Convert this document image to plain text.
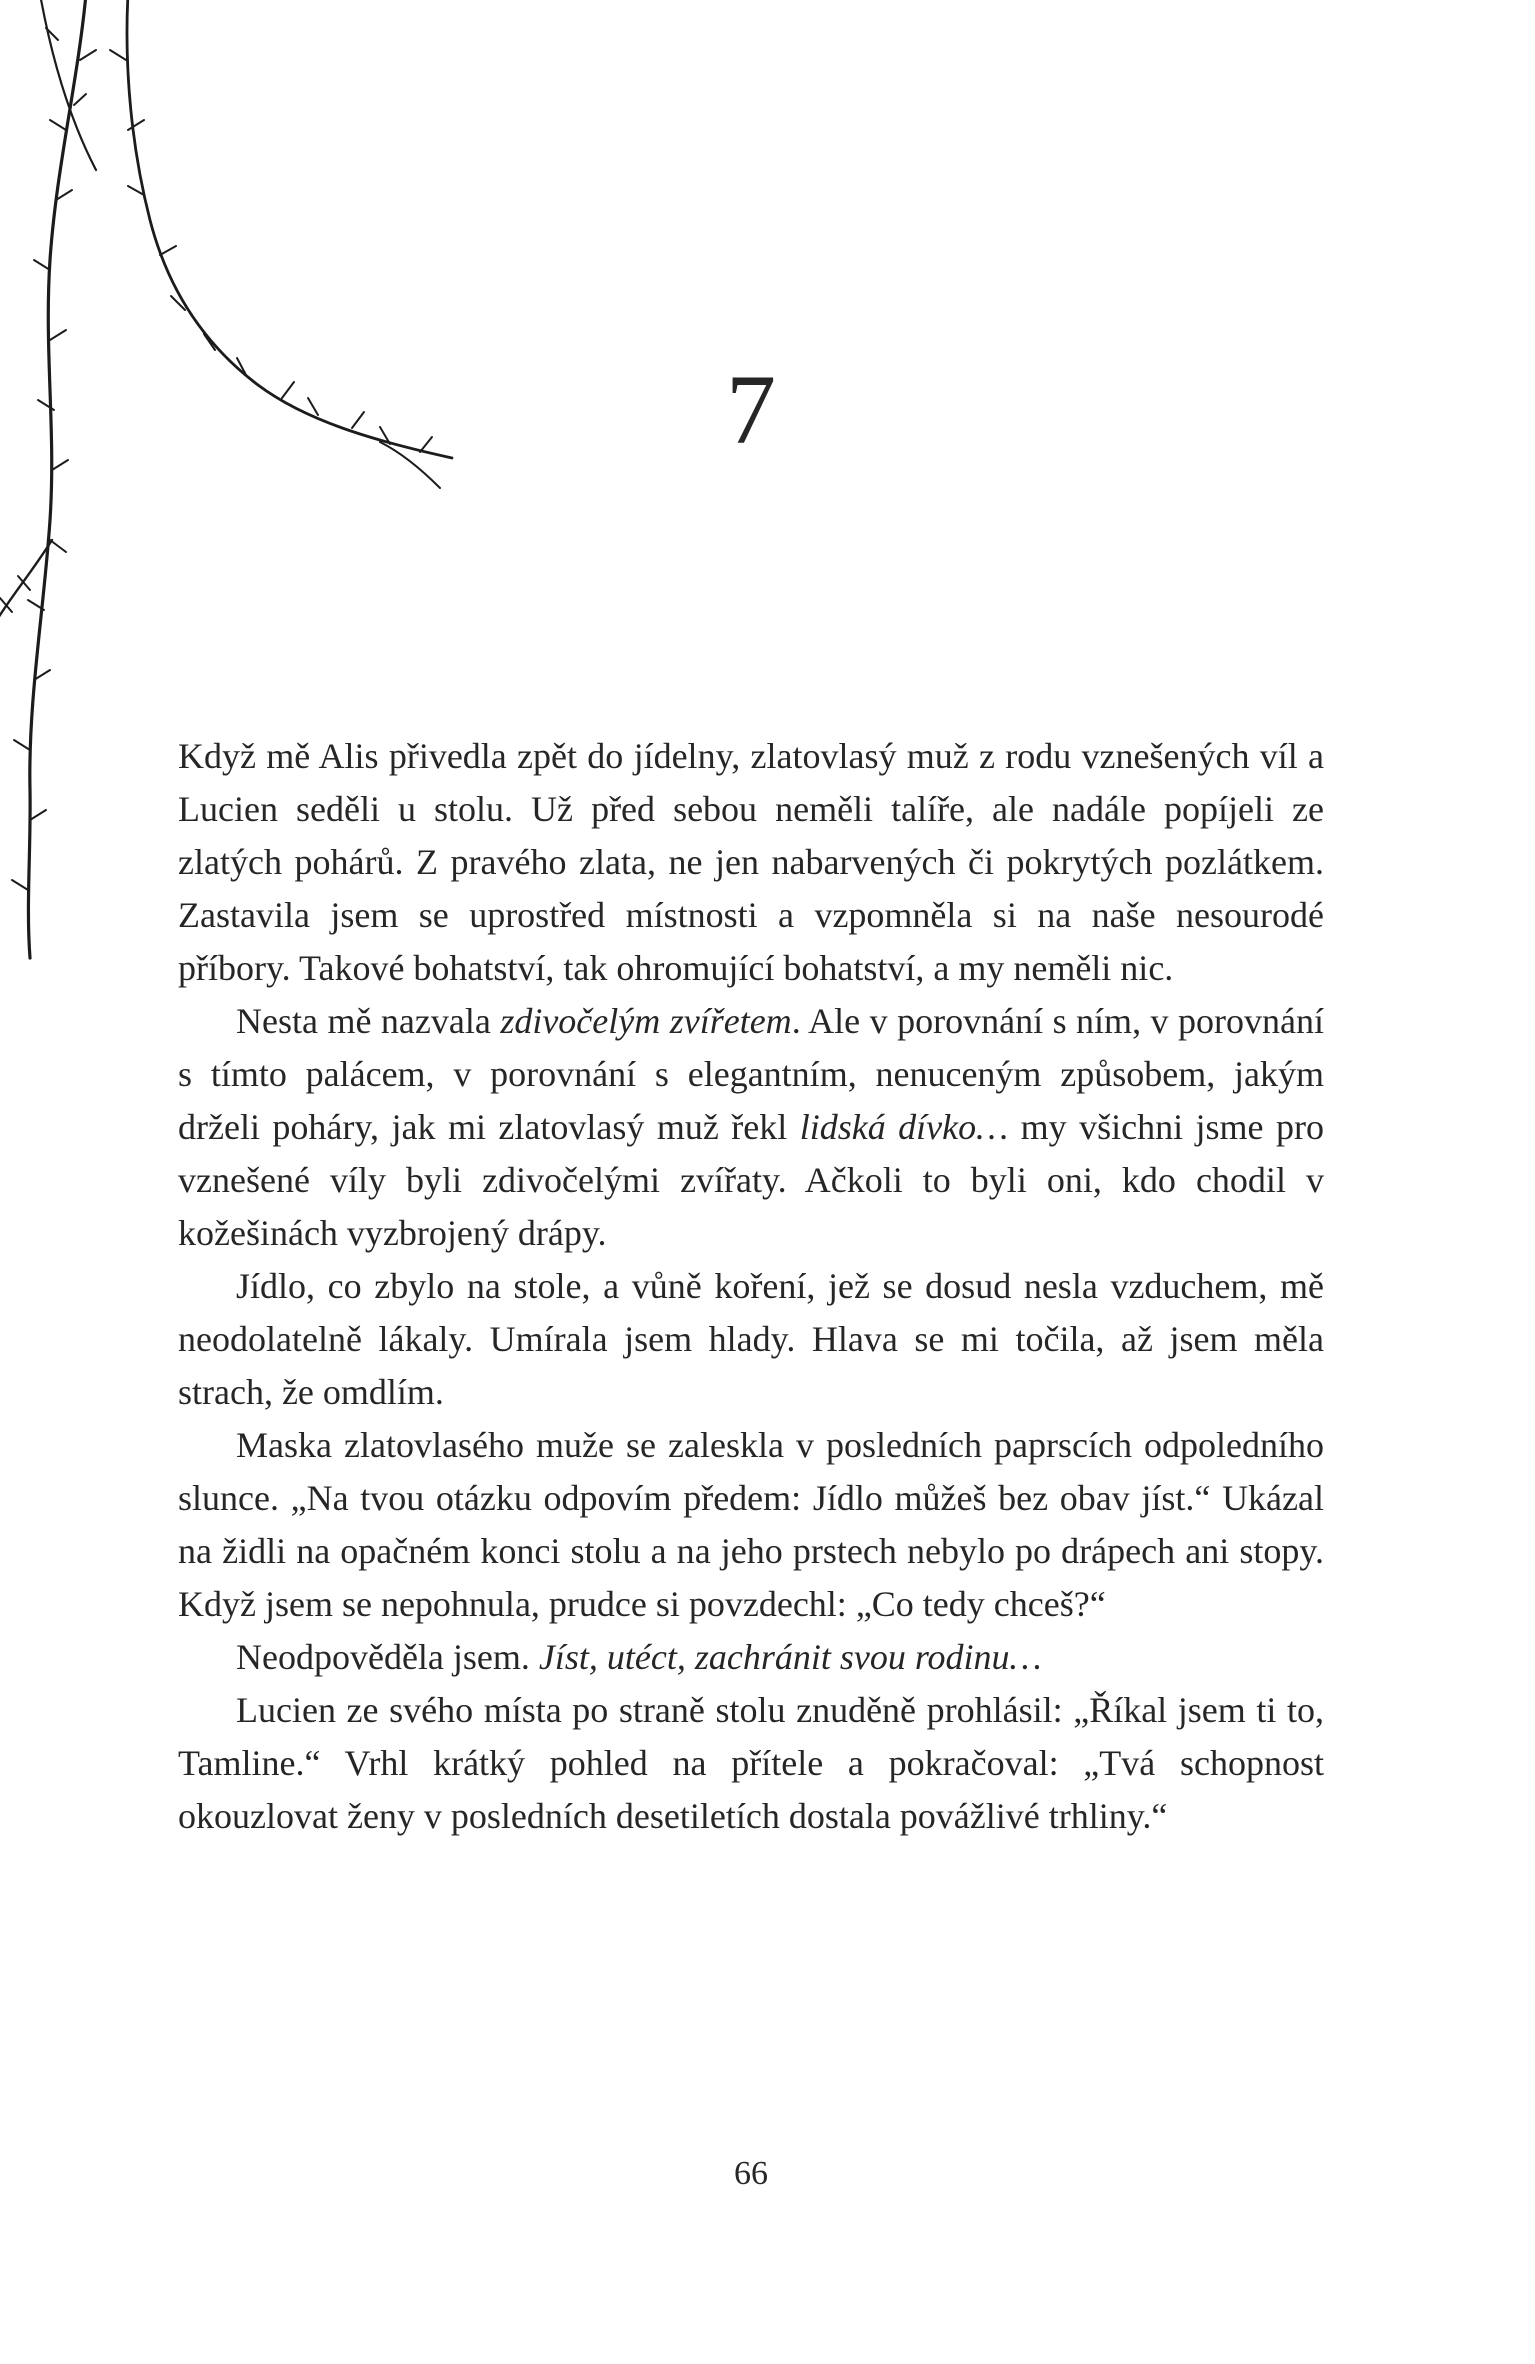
7

Když mě Alis přivedla zpět do jídelny, zlatovlasý muž z rodu vznešených víl a Lucien seděli u stolu. Už před sebou neměli talíře, ale nadále popíjeli ze zlatých pohárů. Z pravého zlata, ne jen nabarvených či pokrytých pozlátkem. Zastavila jsem se uprostřed místnosti a vzpomněla si na naše nesourodé příbory. Takové bohatství, tak ohromující bohatství, a my neměli nic.

Nesta mě nazvala zdivočelým zvířetem. Ale v porovnání s ním, v porovnání s tímto palácem, v porovnání s elegantním, nenuceným způsobem, jakým drželi poháry, jak mi zlatovlasý muž řekl lidská dívko… my všichni jsme pro vznešené víly byli zdivočelými zvířaty. Ačkoli to byli oni, kdo chodil v kožešinách vyzbrojený drápy.

Jídlo, co zbylo na stole, a vůně koření, jež se dosud nesla vzduchem, mě neodolatelně lákaly. Umírala jsem hlady. Hlava se mi točila, až jsem měla strach, že omdlím.

Maska zlatovlasého muže se zaleskla v posledních paprscích odpoledního slunce. „Na tvou otázku odpovím předem: Jídlo můžeš bez obav jíst.“ Ukázal na židli na opačném konci stolu a na jeho prstech nebylo po drápech ani stopy. Když jsem se nepohnula, prudce si povzdechl: „Co tedy chceš?“

Neodpověděla jsem. Jíst, utéct, zachránit svou rodinu…

Lucien ze svého místa po straně stolu znuděně prohlásil: „Říkal jsem ti to, Tamline.“ Vrhl krátký pohled na přítele a pokračoval: „Tvá schopnost okouzlovat ženy v posledních desetiletích dostala povážlivé trhliny.“

66
